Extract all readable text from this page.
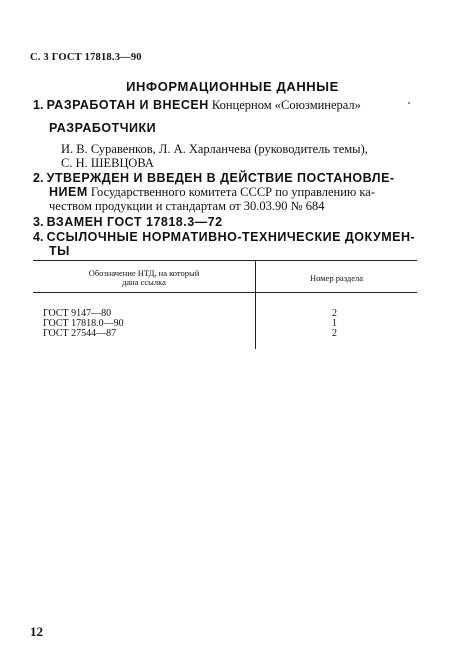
С. 3 ГОСТ 17818.3—90
ИНФОРМАЦИОННЫЕ ДАННЫЕ
1. РАЗРАБОТАН И ВНЕСЕН Концерном «Союзминерал»
РАЗРАБОТЧИКИ
И. В. Суравенков, Л. А. Харланчева (руководитель темы),
С. Н. ШЕВЦОВА
2. УТВЕРЖДЕН И ВВЕДЕН В ДЕЙСТВИЕ ПОСТАНОВЛЕ-
НИЕМ Государственного комитета СССР по управлению ка-
чеством продукции и стандартам от 30.03.90 № 684
3. ВЗАМЕН ГОСТ 17818.3—72
4. ССЫЛОЧНЫЕ НОРМАТИВНО-ТЕХНИЧЕСКИЕ ДОКУМЕН-
ТЫ
Обозначение НТД, на который
дана ссылка	Номер раздела
ГОСТ 9147—80	2
ГОСТ 17818.0—90	1
ГОСТ 27544—87	2
12
